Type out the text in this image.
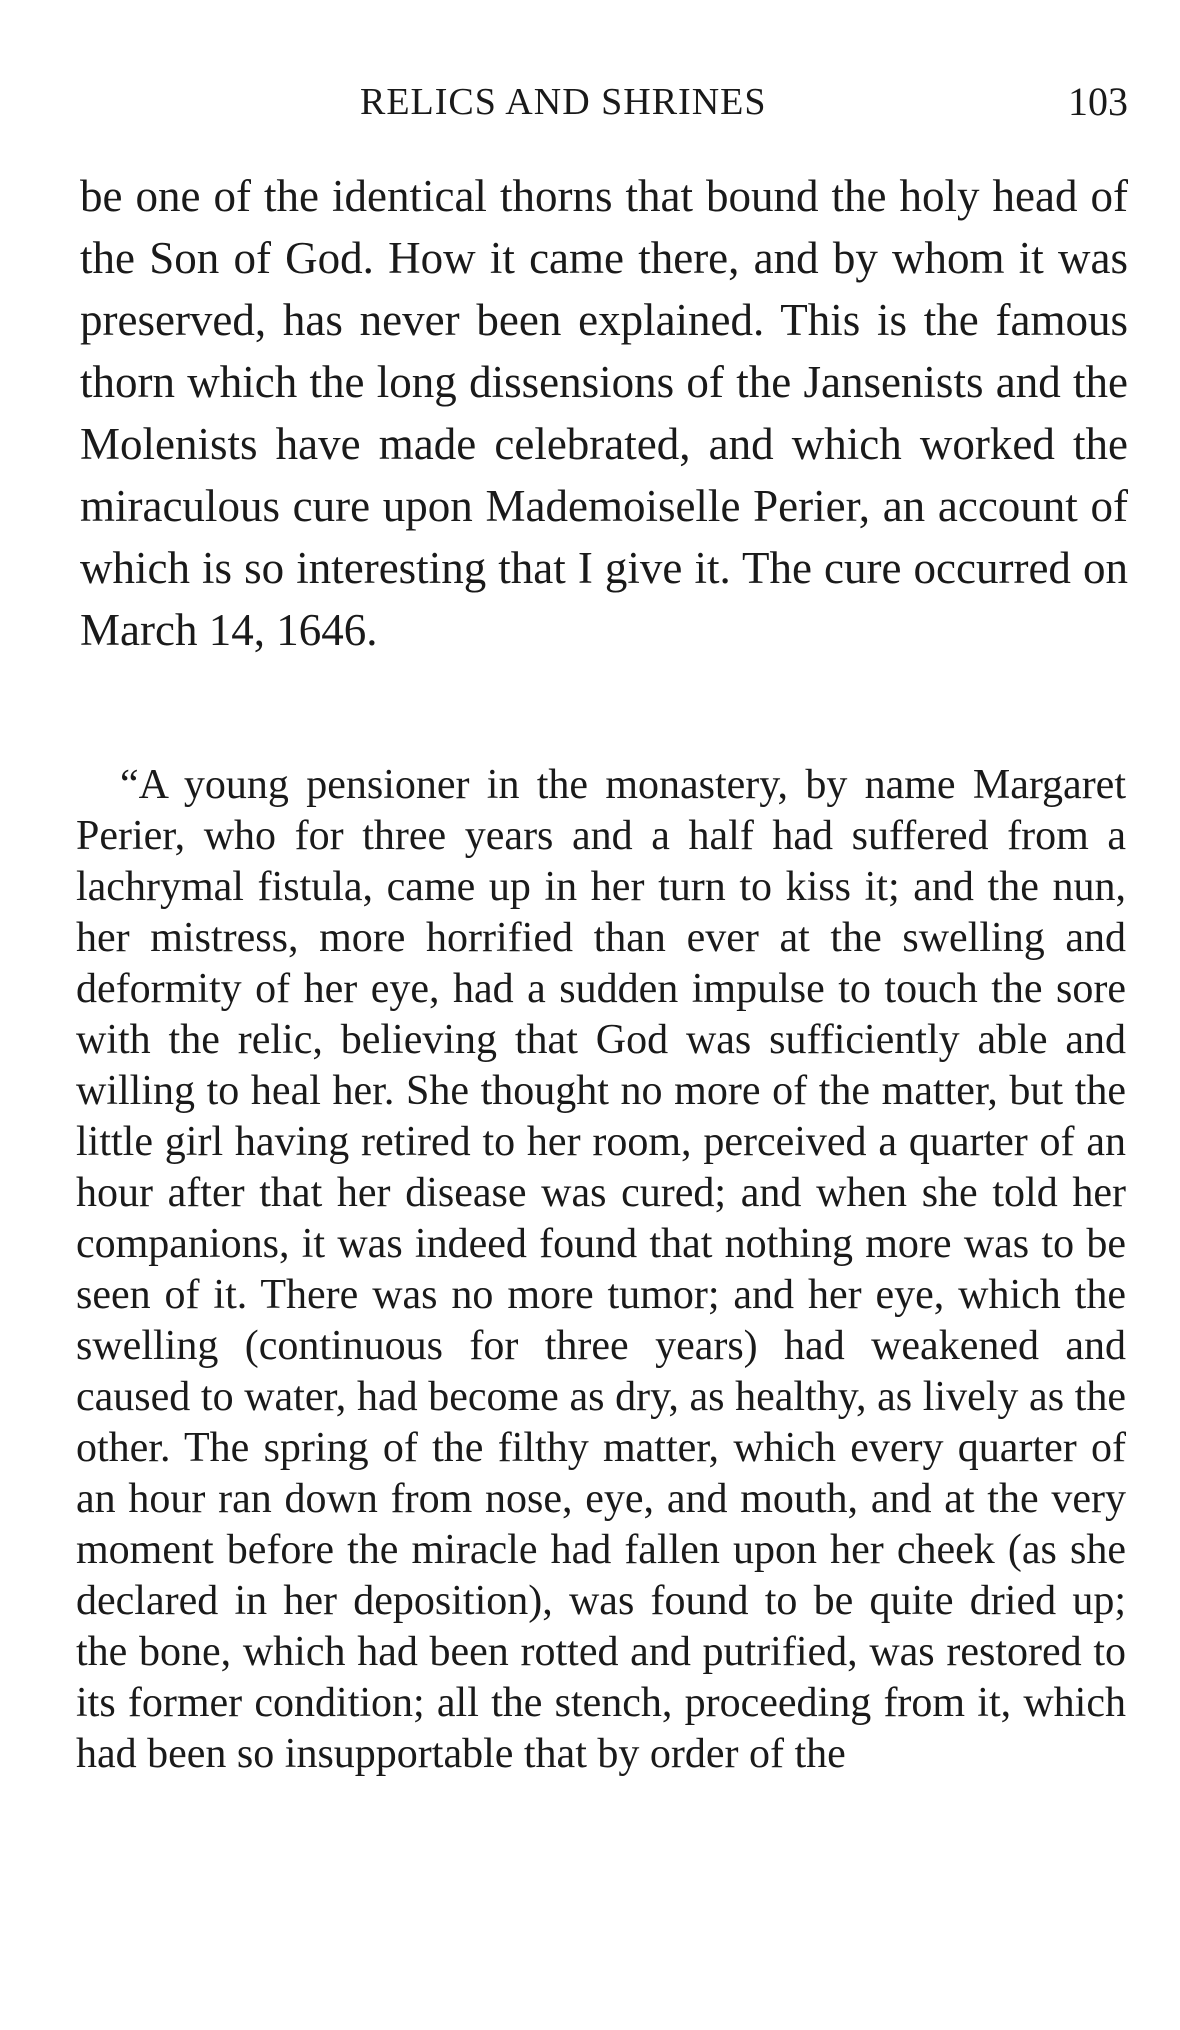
RELICS AND SHRINES	103

be one of the identical thorns that bound the holy head of the Son of God. How it came there, and by whom it was preserved, has never been explained. This is the famous thorn which the long dissensions of the Jansenists and the Molenists have made celebrated, and which worked the miraculous cure upon Mademoiselle Perier, an account of which is so interesting that I give it. The cure occurred on March 14, 1646.

“A young pensioner in the monastery, by name Margaret Perier, who for three years and a half had suffered from a lachrymal fistula, came up in her turn to kiss it; and the nun, her mistress, more horrified than ever at the swelling and deformity of her eye, had a sudden impulse to touch the sore with the relic, believing that God was sufficiently able and willing to heal her. She thought no more of the matter, but the little girl having retired to her room, perceived a quarter of an hour after that her disease was cured; and when she told her companions, it was indeed found that nothing more was to be seen of it. There was no more tumor; and her eye, which the swelling (continuous for three years) had weakened and caused to water, had become as dry, as healthy, as lively as the other. The spring of the filthy matter, which every quarter of an hour ran down from nose, eye, and mouth, and at the very moment before the miracle had fallen upon her cheek (as she declared in her deposition), was found to be quite dried up; the bone, which had been rotted and putrified, was restored to its former condition; all the stench, proceeding from it, which had been so insupportable that by order of the
